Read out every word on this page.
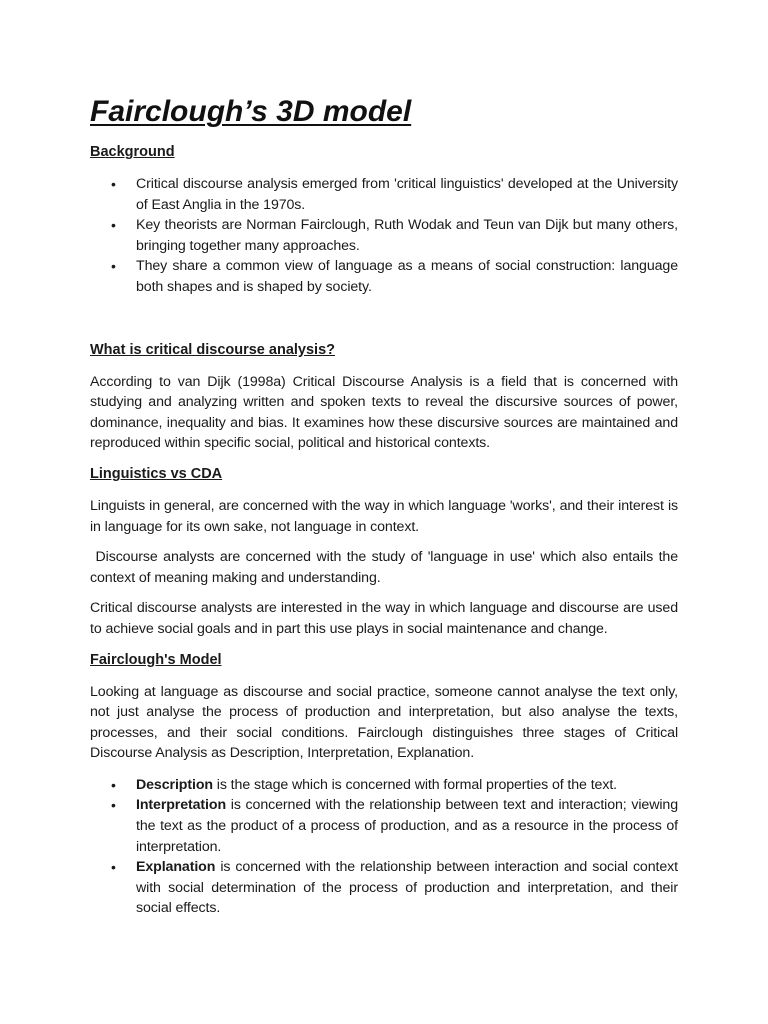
Fairclough’s 3D model
Background
• Critical discourse analysis emerged from 'critical linguistics' developed at the University of East Anglia in the 1970s.
• Key theorists are Norman Fairclough, Ruth Wodak and Teun van Dijk but many others, bringing together many approaches.
• They share a common view of language as a means of social construction: language both shapes and is shaped by society.
What is critical discourse analysis?

According to van Dijk (1998a) Critical Discourse Analysis is a field that is concerned with studying and analyzing written and spoken texts to reveal the discursive sources of power, dominance, inequality and bias. It examines how these discursive sources are maintained and reproduced within specific social, political and historical contexts.

Linguistics vs CDA

Linguists in general, are concerned with the way in which language 'works', and their interest is in language for its own sake, not language in context.

Discourse analysts are concerned with the study of 'language in use' which also entails the context of meaning making and understanding.

Critical discourse analysts are interested in the way in which language and discourse are used to achieve social goals and in part this use plays in social maintenance and change.

Fairclough's Model

Looking at language as discourse and social practice, someone cannot analyse the text only, not just analyse the process of production and interpretation, but also analyse the texts, processes, and their social conditions. Fairclough distinguishes three stages of Critical Discourse Analysis as Description, Interpretation, Explanation.

• Description is the stage which is concerned with formal properties of the text.
• Interpretation is concerned with the relationship between text and interaction; viewing the text as the product of a process of production, and as a resource in the process of interpretation.
• Explanation is concerned with the relationship between interaction and social context with social determination of the process of production and interpretation, and their social effects.
